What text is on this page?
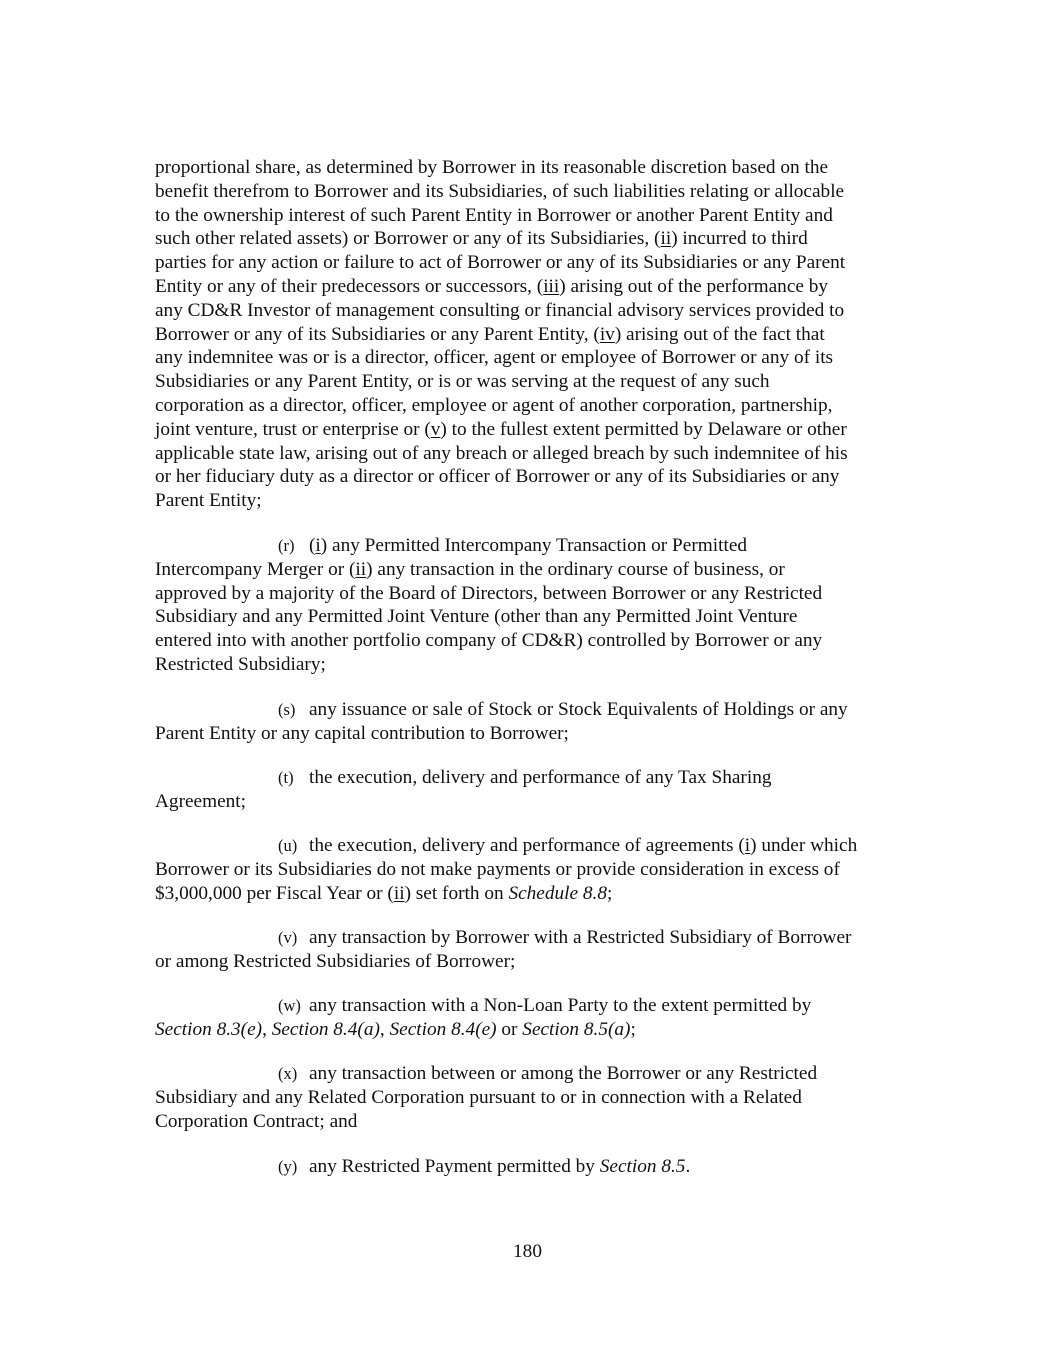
proportional share, as determined by Borrower in its reasonable discretion based on the
benefit therefrom to Borrower and its Subsidiaries, of such liabilities relating or allocable
to the ownership interest of such Parent Entity in Borrower or another Parent Entity and
such other related assets) or Borrower or any of its Subsidiaries, (ii) incurred to third
parties for any action or failure to act of Borrower or any of its Subsidiaries or any Parent
Entity or any of their predecessors or successors, (iii) arising out of the performance by
any CD&R Investor of management consulting or financial advisory services provided to
Borrower or any of its Subsidiaries or any Parent Entity, (iv) arising out of the fact that
any indemnitee was or is a director, officer, agent or employee of Borrower or any of its
Subsidiaries or any Parent Entity, or is or was serving at the request of any such
corporation as a director, officer, employee or agent of another corporation, partnership,
joint venture, trust or enterprise or (v) to the fullest extent permitted by Delaware or other
applicable state law, arising out of any breach or alleged breach by such indemnitee of his
or her fiduciary duty as a director or officer of Borrower or any of its Subsidiaries or any
Parent Entity;
(r) (i) any Permitted Intercompany Transaction or Permitted
Intercompany Merger or (ii) any transaction in the ordinary course of business, or
approved by a majority of the Board of Directors, between Borrower or any Restricted
Subsidiary and any Permitted Joint Venture (other than any Permitted Joint Venture
entered into with another portfolio company of CD&R) controlled by Borrower or any
Restricted Subsidiary;
(s) any issuance or sale of Stock or Stock Equivalents of Holdings or any
Parent Entity or any capital contribution to Borrower;
(t) the execution, delivery and performance of any Tax Sharing
Agreement;
(u) the execution, delivery and performance of agreements (i) under which
Borrower or its Subsidiaries do not make payments or provide consideration in excess of
$3,000,000 per Fiscal Year or (ii) set forth on Schedule 8.8;
(v) any transaction by Borrower with a Restricted Subsidiary of Borrower
or among Restricted Subsidiaries of Borrower;
(w) any transaction with a Non-Loan Party to the extent permitted by
Section 8.3(e), Section 8.4(a), Section 8.4(e) or Section 8.5(a);
(x) any transaction between or among the Borrower or any Restricted
Subsidiary and any Related Corporation pursuant to or in connection with a Related
Corporation Contract; and
(y) any Restricted Payment permitted by Section 8.5.
180
